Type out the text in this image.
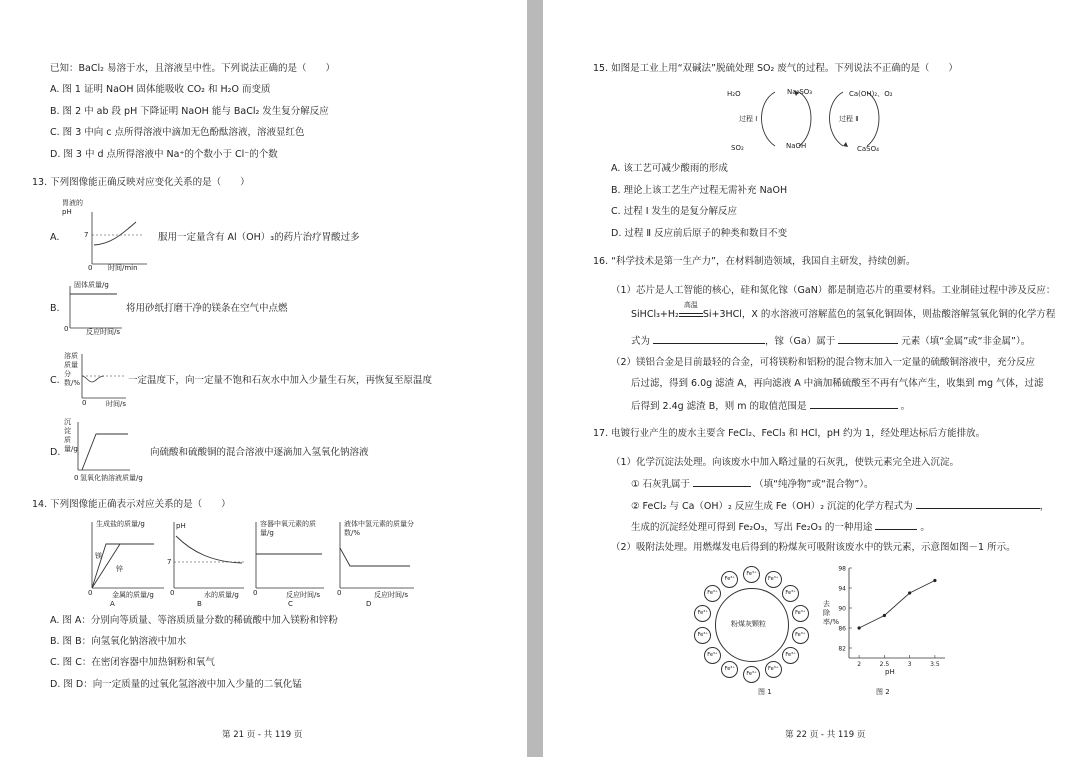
已知：BaCl₂ 易溶于水，且溶液呈中性。下列说法正确的是（　　）
A. 图 1 证明 NaOH 固体能吸收 CO₂ 和 H₂O 而变质
B. 图 2 中 ab 段 pH 下降证明 NaOH 能与 BaCl₂ 发生复分解反应
C. 图 3 中向 c 点所得溶液中滴加无色酚酞溶液，溶液显红色
D. 图 3 中 d 点所得溶液中 Na⁺的个数小于 Cl⁻的个数
13. 下列图像能正确反映对应变化关系的是（　　）
A.
胃液的 pH
7
0 时间/min
服用一定量含有 Al（OH）₃的药片治疗胃酸过多
B.
固体质量/g
0	反应时间/s
将用砂纸打磨干净的镁条在空气中点燃
C.
溶质质量分数/%
0	时间/s
一定温度下，向一定量不饱和石灰水中加入少量生石灰，再恢复至原温度
D.
沉淀质量/g
0 氢氧化钠溶液质量/g
向硫酸和硫酸铜的混合溶液中逐滴加入氢氧化钠溶液
14. 下列图像能正确表示对应关系的是（　　）
生成盐的质量/g
镁
锌
0	金属的质量/g
A
pH
7
0	水的质量/g
B
容器中氧元素的质量/g
0	反应时间/s
C
液体中氢元素的质量分数/%
0	反应时间/s
D
A. 图 A：分别向等质量、等溶质质量分数的稀硫酸中加入镁粉和锌粉
B. 图 B：向氢氧化钠溶液中加水
C. 图 C：在密闭容器中加热铜粉和氧气
D. 图 D：向一定质量的过氧化氢溶液中加入少量的二氧化锰
第 21 页 - 共 119 页
15. 如图是工业上用“双碱法”脱硫处理 SO₂ 废气的过程。下列说法不正确的是（　　）
H₂O	Na₂SO₃	Ca(OH)₂、O₂
过程 Ⅰ	过程 Ⅱ
SO₂	NaOH	CaSO₄
A. 该工艺可减少酸雨的形成
B. 理论上该工艺生产过程无需补充 NaOH
C. 过程 Ⅰ 发生的是复分解反应
D. 过程 Ⅱ 反应前后原子的种类和数目不变
16. “科学技术是第一生产力”，在材料制造领域，我国自主研发，持续创新。
（1）芯片是人工智能的核心，硅和氮化镓（GaN）都是制造芯片的重要材料。工业制硅过程中涉及反应：
SiHCl₃+H₂
高温
Si+3HCl，X 的水溶液可溶解蓝色的氢氧化铜固体，则盐酸溶解氢氧化铜的化学方程
式为	，镓（Ga）属于	元素（填“金属”或“非金属”）。
（2）镁铝合金是目前最轻的合金，可将镁粉和铝粉的混合物末加入一定量的硫酸铜溶液中，充分反应
后过滤，得到 6.0g 滤渣 A，再向滤液 A 中滴加稀硫酸至不再有气体产生，收集到 mg 气体，过滤
后得到 2.4g 滤渣 B，则 m 的取值范围是	。
17. 电镀行业产生的废水主要含 FeCl₂、FeCl₃ 和 HCl，pH 约为 1，经处理达标后方能排放。
（1）化学沉淀法处理。向该废水中加入略过量的石灰乳，使铁元素完全进入沉淀。
① 石灰乳属于	（填“纯净物”或“混合物”）。
② FeCl₂ 与 Ca（OH）₂ 反应生成 Fe（OH）₂ 沉淀的化学方程式为	，
生成的沉淀经处理可得到 Fe₂O₃，写出 Fe₂O₃ 的一种用途	。
（2）吸附法处理。用燃煤发电后得到的粉煤灰可吸附该废水中的铁元素，示意图如图－1 所示。
粉煤灰颗粒
Fe³⁺
Fe³⁺
Fe³⁺
Fe³⁺
Fe³⁺
Fe³⁺
Fe³⁺
Fe³⁺
Fe³⁺
Fe³⁺
Fe³⁺
Fe³⁺
Fe³⁺
Fe³⁺
图 1
82
86
90
94
98
2	2.5	3	3.5
去除率/%
pH
图 2
第 22 页 - 共 119 页
